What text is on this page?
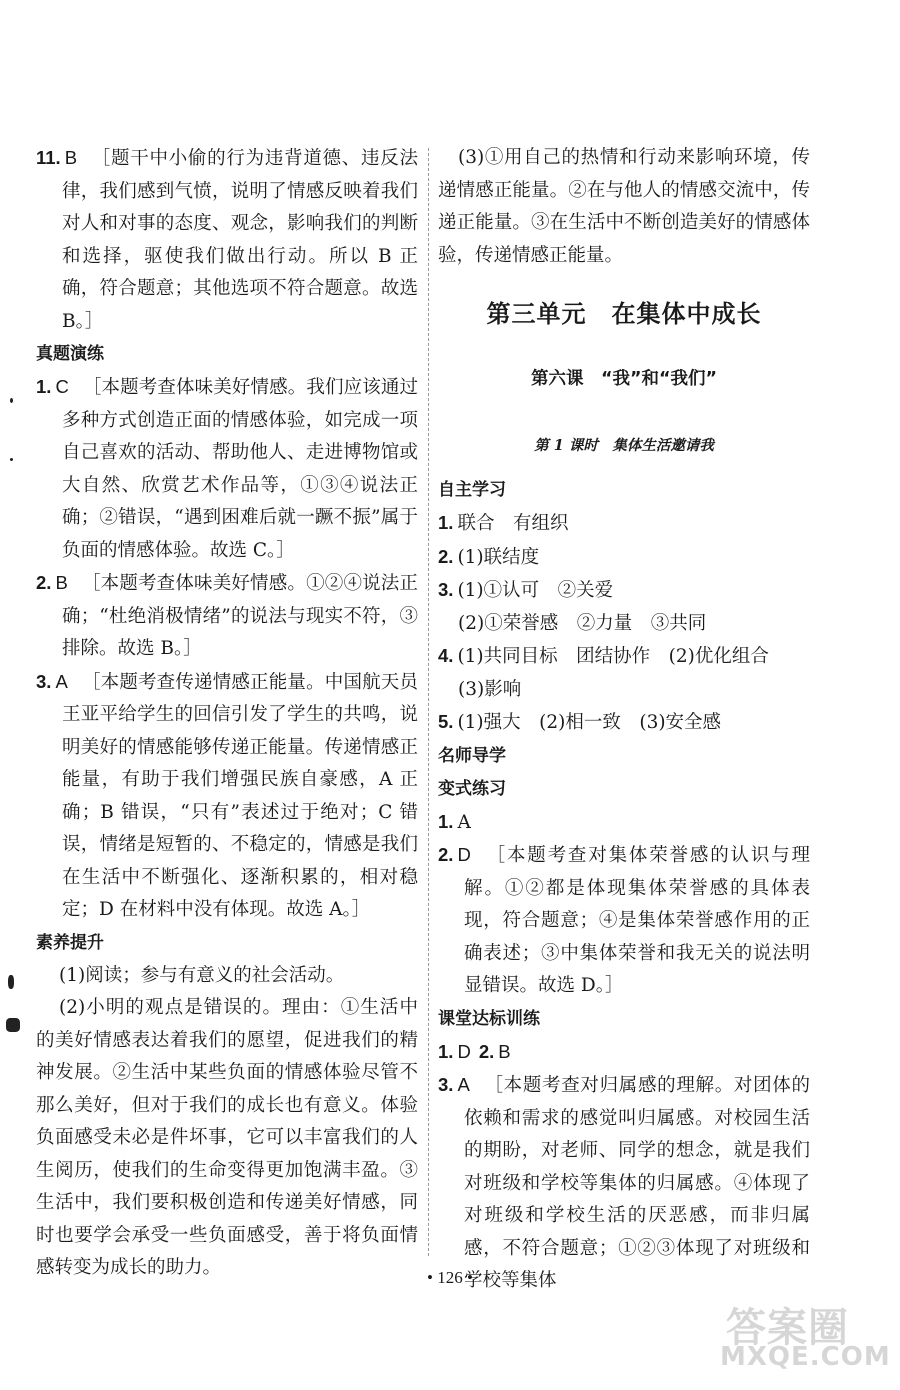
11. B ［题干中小偷的行为违背道德、违反法律，我们感到气愤，说明了情感反映着我们对人和对事的态度、观念，影响我们的判断和选择，驱使我们做出行动。所以 B 正确，符合题意；其他选项不符合题意。故选 B。］

真题演练

1. C ［本题考查体味美好情感。我们应该通过多种方式创造正面的情感体验，如完成一项自己喜欢的活动、帮助他人、走进博物馆或大自然、欣赏艺术作品等，①③④说法正确；②错误，“遇到困难后就一蹶不振”属于负面的情感体验。故选 C。］

2. B ［本题考查体味美好情感。①②④说法正确；“杜绝消极情绪”的说法与现实不符，③排除。故选 B。］

3. A ［本题考查传递情感正能量。中国航天员王亚平给学生的回信引发了学生的共鸣，说明美好的情感能够传递正能量。传递情感正能量，有助于我们增强民族自豪感，A 正确；B 错误，“只有”表述过于绝对；C 错误，情绪是短暂的、不稳定的，情感是我们在生活中不断强化、逐渐积累的，相对稳定；D 在材料中没有体现。故选 A。］

素养提升

(1)阅读；参与有意义的社会活动。

(2)小明的观点是错误的。理由：①生活中的美好情感表达着我们的愿望，促进我们的精神发展。②生活中某些负面的情感体验尽管不那么美好，但对于我们的成长也有意义。体验负面感受未必是件坏事，它可以丰富我们的人生阅历，使我们的生命变得更加饱满丰盈。③生活中，我们要积极创造和传递美好情感，同时也要学会承受一些负面感受，善于将负面情感转变为成长的助力。

(3)①用自己的热情和行动来影响环境，传递情感正能量。②在与他人的情感交流中，传递正能量。③在生活中不断创造美好的情感体验，传递情感正能量。

第三单元　在集体中成长

第六课　“我”和“我们”

第 1 课时　集体生活邀请我

自主学习

1. 联合　有组织

2. (1)联结度

3. (1)①认可　②关爱

(2)①荣誉感　②力量　③共同

4. (1)共同目标　团结协作　(2)优化组合

(3)影响

5. (1)强大　(2)相一致　(3)安全感

名师导学

变式练习

1. A

2. D ［本题考查对集体荣誉感的认识与理解。①②都是体现集体荣誉感的具体表现，符合题意；④是集体荣誉感作用的正确表述；③中集体荣誉和我无关的说法明显错误。故选 D。］

课堂达标训练

1. D 2. B

3. A ［本题考查对归属感的理解。对团体的依赖和需求的感觉叫归属感。对校园生活的期盼，对老师、同学的想念，就是我们对班级和学校等集体的归属感。④体现了对班级和学校生活的厌恶感，而非归属感，不符合题意；①②③体现了对班级和学校等集体

• 126 •
答案圈
MXQE.COM
